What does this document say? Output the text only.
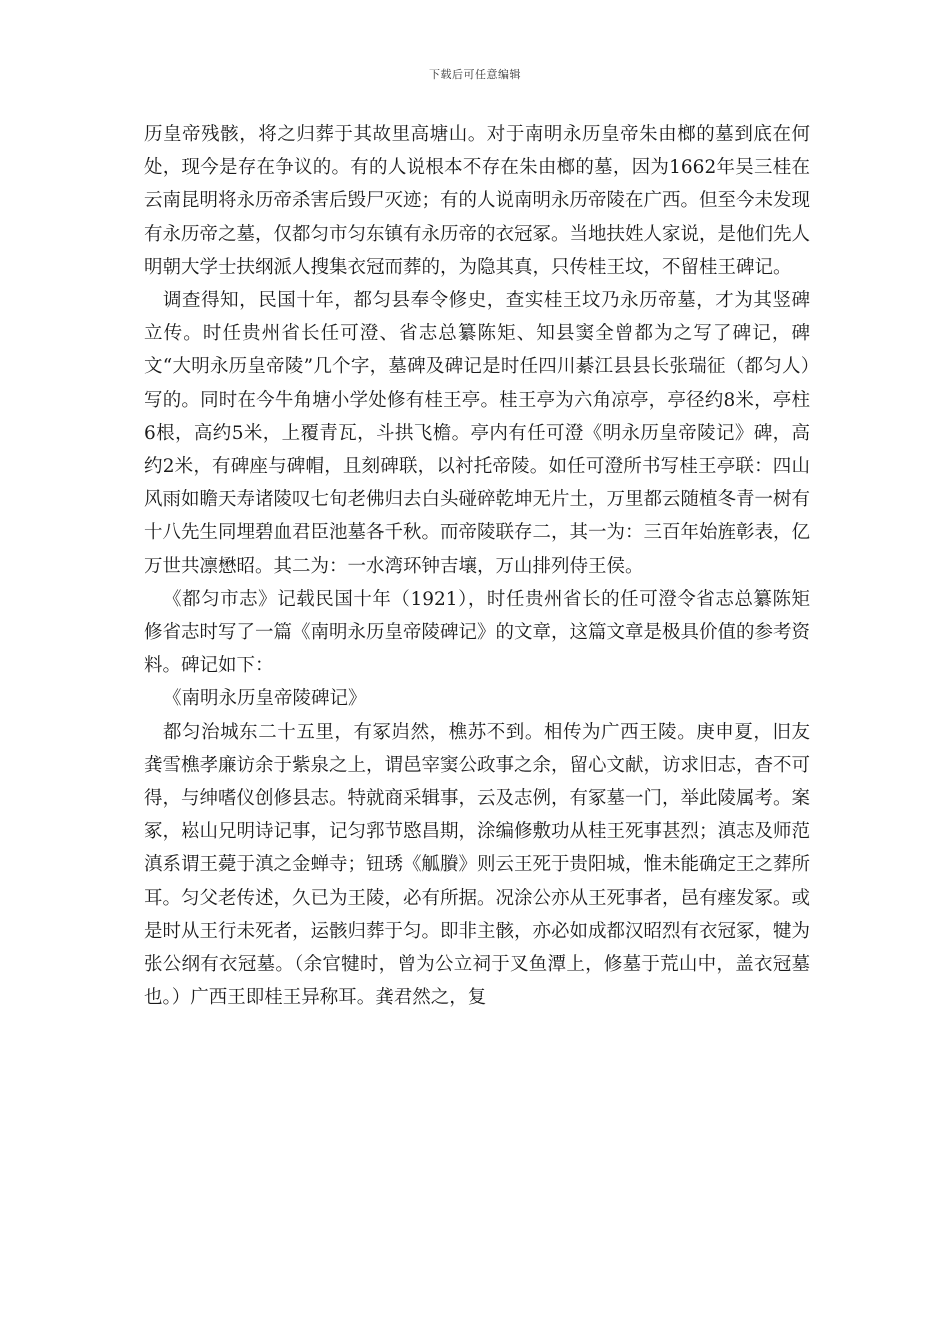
下载后可任意编辑

历皇帝残骸，将之归葬于其故里高塘山。对于南明永历皇帝朱由榔的墓到底在何处，现今是存在争议的。有的人说根本不存在朱由榔的墓，因为1662年吴三桂在云南昆明将永历帝杀害后毁尸灭迹；有的人说南明永历帝陵在广西。但至今未发现有永历帝之墓，仅都匀市匀东镇有永历帝的衣冠冢。当地扶姓人家说，是他们先人明朝大学士扶纲派人搜集衣冠而葬的，为隐其真，只传桂王坟，不留桂王碑记。

调查得知，民国十年，都匀县奉令修史，查实桂王坟乃永历帝墓，才为其竖碑立传。时任贵州省长任可澄、省志总纂陈矩、知县窦全曾都为之写了碑记，碑文“大明永历皇帝陵”几个字，墓碑及碑记是时任四川綦江县县长张瑞征（都匀人）写的。同时在今牛角塘小学处修有桂王亭。桂王亭为六角凉亭，亭径约8米，亭柱6根，高约5米，上覆青瓦，斗拱飞檐。亭内有任可澄《明永历皇帝陵记》碑，高约2米，有碑座与碑帽，且刻碑联，以衬托帝陵。如任可澄所书写桂王亭联：四山风雨如瞻天寿诸陵叹七旬老佛归去白头碰碎乾坤无片土，万里都云随植冬青一树有十八先生同埋碧血君臣池墓各千秋。而帝陵联存二，其一为：三百年始旌彰表，亿万世共凛懋昭。其二为：一水湾环钟吉壤，万山排列侍王侯。

《都匀市志》记载民国十年（1921），时任贵州省长的任可澄令省志总纂陈矩修省志时写了一篇《南明永历皇帝陵碑记》的文章，这篇文章是极具价值的参考资料。碑记如下：

《南明永历皇帝陵碑记》

都匀治城东二十五里，有冢岿然，樵苏不到。相传为广西王陵。庚申夏，旧友龚雪樵孝廉访余于紫泉之上，谓邑宰窦公政事之余，留心文献，访求旧志，杳不可得，与绅嗜仪创修县志。特就商采辑事，云及志例，有冢墓一门，举此陵属考。案冢，崧山兄明诗记事，记匀郛节愍昌期，涂编修敷功从桂王死事甚烈；滇志及师范滇系谓王薨于滇之金蝉寺；钮琇《觚賸》则云王死于贵阳城，惟未能确定王之葬所耳。匀父老传述，久已为王陵，必有所据。况涂公亦从王死事者，邑有瘗发冢。或是时从王行未死者，运骸归葬于匀。即非主骸，亦必如成都汉昭烈有衣冠冢，犍为张公纲有衣冠墓。（余官犍时，曾为公立祠于叉鱼潭上，修墓于荒山中，盖衣冠墓也。）广西王即桂王异称耳。龚君然之，复
